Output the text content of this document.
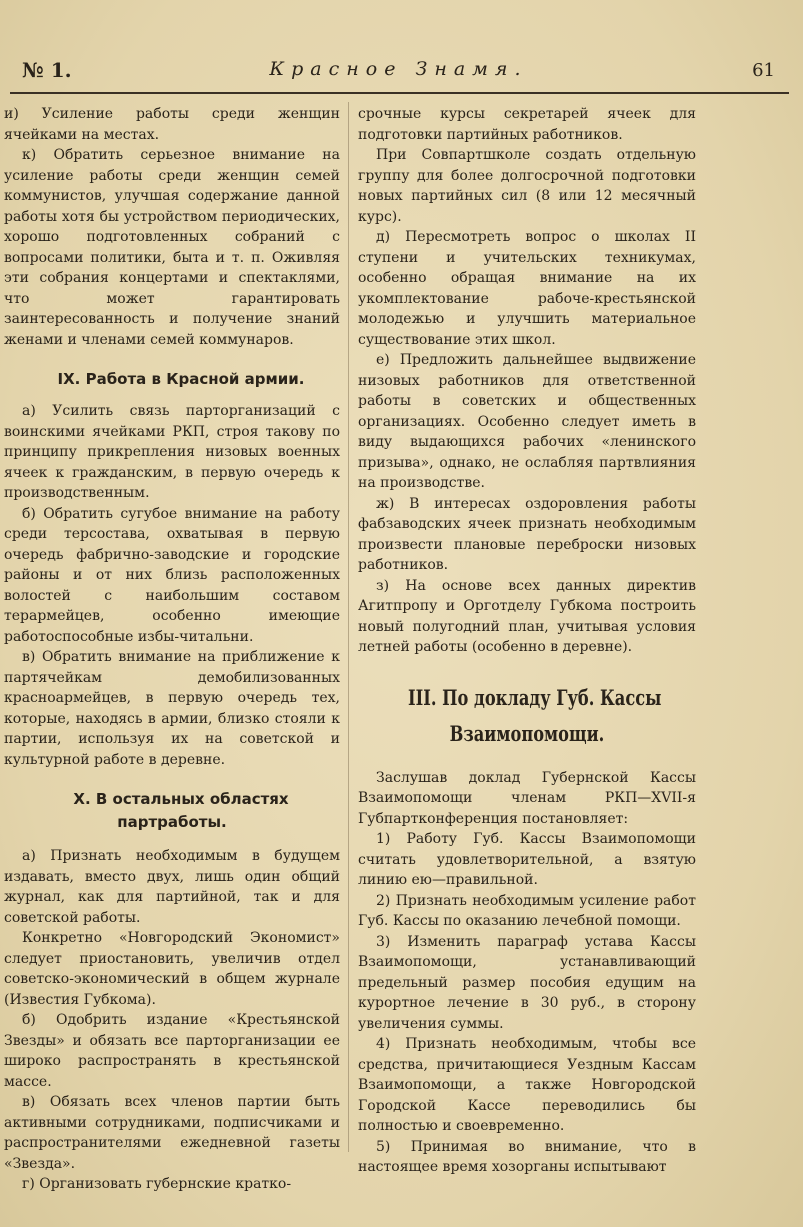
№ 1.	Красное Знамя.	61

и) Усиление работы среди женщин ячейками на местах.

к) Обратить серьезное внимание на усиление работы среди женщин семей коммунистов, улучшая содержание данной работы хотя бы устройством периодических, хорошо подготовленных собраний с вопросами политики, быта и т. п. Оживляя эти собрания концертами и спектаклями, что может гарантировать заинтересованность и получение знаний женами и членами семей коммунаров.

IX. Работа в Красной армии.

а) Усилить связь парторганизаций с воинскими ячейками РКП, строя такову по принципу прикрепления низовых военных ячеек к гражданским, в первую очередь к производственным.

б) Обратить сугубое внимание на работу среди терсостава, охватывая в первую очередь фабрично-заводские и городские районы и от них близь расположенных волостей с наибольшим составом терармейцев, особенно имеющие работоспособные избы-читальни.

в) Обратить внимание на приближение к партячейкам демобилизованных красноармейцев, в первую очередь тех, которые, находясь в армии, близко стояли к партии, используя их на советской и культурной работе в деревне.

X. В остальных областях партработы.

а) Признать необходимым в будущем издавать, вместо двух, лишь один общий журнал, как для партийной, так и для советской работы.

Конкретно «Новгородский Экономист» следует приостановить, увеличив отдел советско-экономический в общем журнале (Известия Губкома).

б) Одобрить издание «Крестьянской Звезды» и обязать все парторганизации ее широко распространять в крестьянской массе.

в) Обязать всех членов партии быть активными сотрудниками, подписчиками и распространителями ежедневной газеты «Звезда».

г) Организовать губернские кратко-

срочные курсы секретарей ячеек для подготовки партийных работников.

При Совпартшколе создать отдельную группу для более долгосрочной подготовки новых партийных сил (8 или 12 месячный курс).

д) Пересмотреть вопрос о школах II ступени и учительских техникумах, особенно обращая внимание на их укомплектование рабоче-крестьянской молодежью и улучшить материальное существование этих школ.

е) Предложить дальнейшее выдвижение низовых работников для ответственной работы в советских и общественных организациях. Особенно следует иметь в виду выдающихся рабочих «ленинского призыва», однако, не ослабляя партвлияния на производстве.

ж) В интересах оздоровления работы фабзаводских ячеек признать необходимым произвести плановые переброски низовых работников.

з) На основе всех данных директив Агитпропу и Орготделу Губкома построить новый полугодний план, учитывая условия летней работы (особенно в деревне).

III. По докладу Губ. Кассы Взаимопомощи.

Заслушав доклад Губернской Кассы Взаимопомощи членам РКП—XVII-я Губпартконференция постановляет:

1) Работу Губ. Кассы Взаимопомощи считать удовлетворительной, а взятую линию ею—правильной.

2) Признать необходимым усиление работ Губ. Кассы по оказанию лечебной помощи.

3) Изменить параграф устава Кассы Взаимопомощи, устанавливающий предельный размер пособия едущим на курортное лечение в 30 руб., в сторону увеличения суммы.

4) Признать необходимым, чтобы все средства, причитающиеся Уездным Кассам Взаимопомощи, а также Новгородской Городской Кассе переводились бы полностью и своевременно.

5) Принимая во внимание, что в настоящее время хозорганы испытывают
